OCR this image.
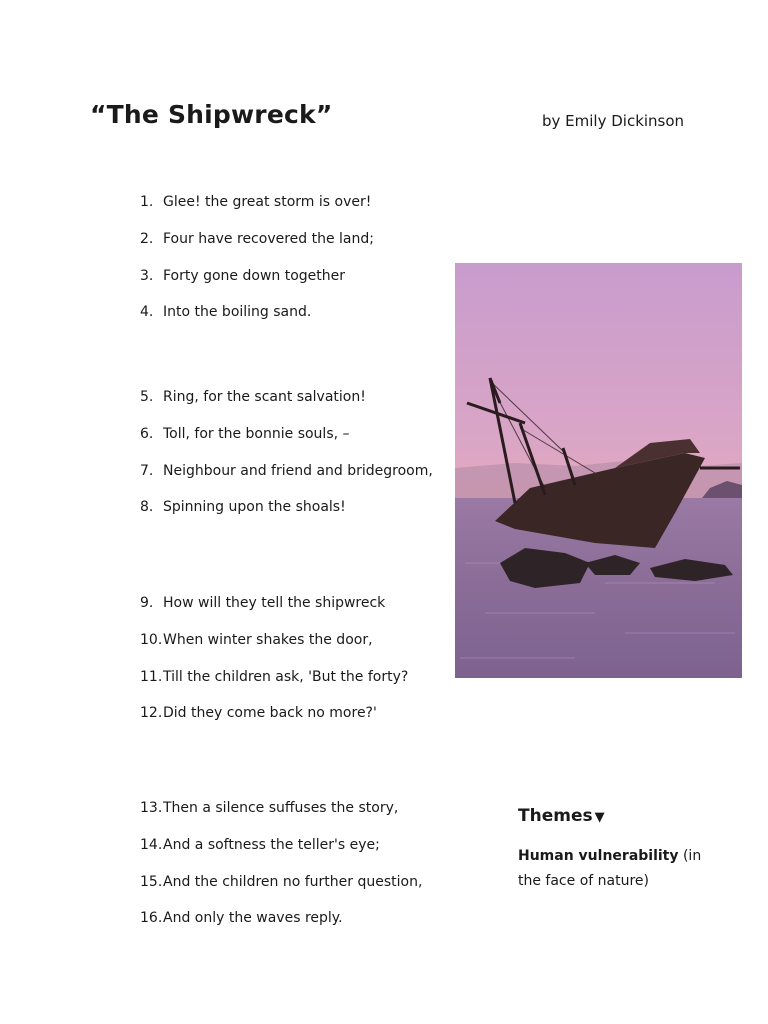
“The Shipwreck”	by Emily Dickinson
1. Glee! the great storm is over!
2. Four have recovered the land;
3. Forty gone down together
4. Into the boiling sand.
5. Ring, for the scant salvation!
6. Toll, for the bonnie souls, –
7. Neighbour and friend and bridegroom,
8. Spinning upon the shoals!
9. How will they tell the shipwreck
10.When winter shakes the door,
11.Till the children ask, 'But the forty?
12.Did they come back no more?'
13.Then a silence suffuses the story,
14.And a softness the teller's eye;
15.And the children no further question,
16.And only the waves reply.
Themes ▼

Human vulnerability (in the face of nature)
